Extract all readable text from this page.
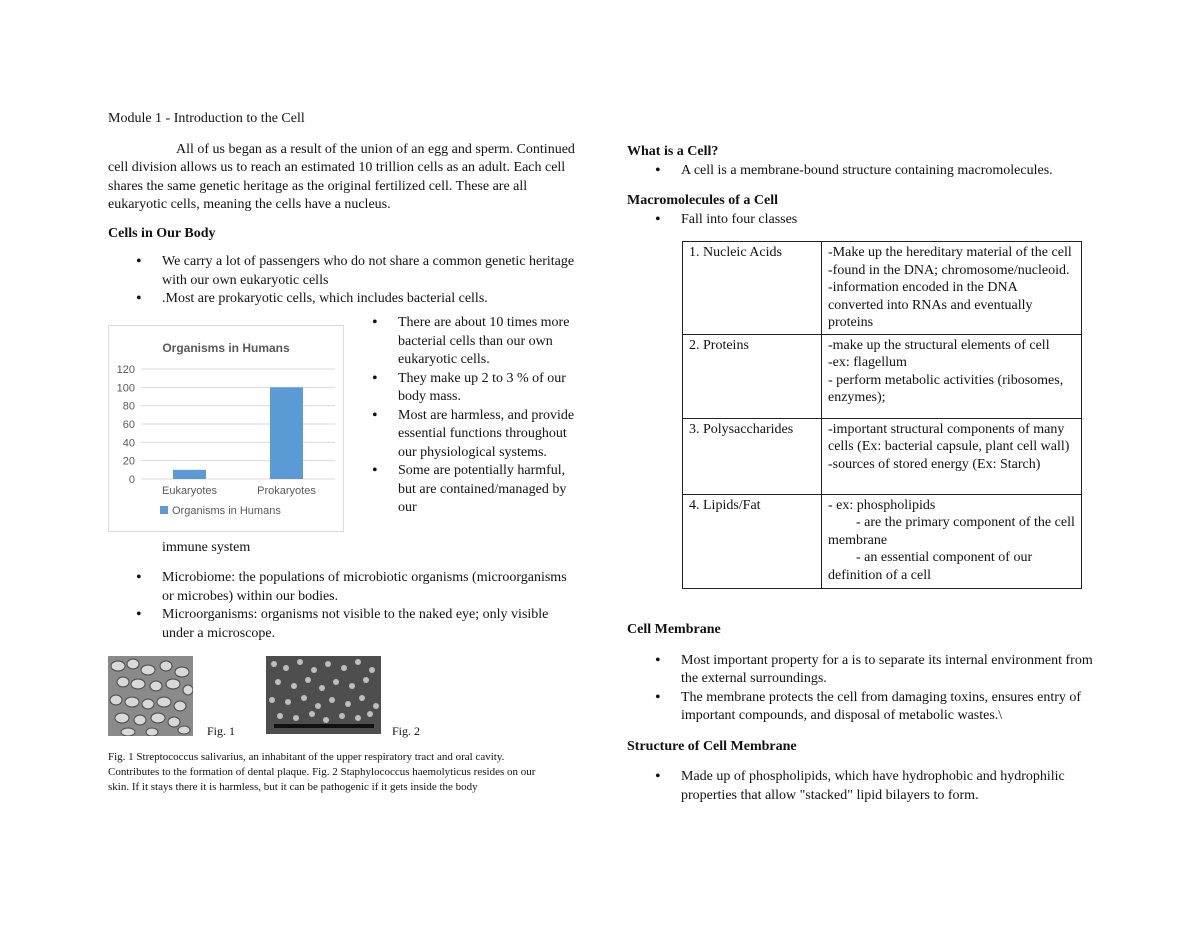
Module 1 - Introduction to the Cell

All of us began as a result of the union of an egg and sperm. Continued cell division allows us to reach an estimated 10 trillion cells as an adult. Each cell shares the same genetic heritage as the original fertilized cell. These are all eukaryotic cells, meaning the cells have a nucleus.

Cells in Our Body
• We carry a lot of passengers who do not share a common genetic heritage with our own eukaryotic cells
• .Most are prokaryotic cells, which includes bacterial cells.
Organisms in Humans
0
20
40
60
80
100
120
Eukaryotes	Prokaryotes
Organisms in Humans
• There are about 10 times more bacterial cells than our own eukaryotic cells.
• They make up 2 to 3 % of our body mass.
• Most are harmless, and provide essential functions throughout our physiological systems.
• Some are potentially harmful, but are contained/managed by our

immune system

• Microbiome: the populations of microbiotic organisms (microorganisms or microbes) within our bodies.
• Microorganisms: organisms not visible to the naked eye; only visible under a microscope.

Fig. 1	Fig. 2

Fig. 1 Streptococcus salivarius, an inhabitant of the upper respiratory tract and oral cavity. Contributes to the formation of dental plaque. Fig. 2 Staphylococcus haemolyticus resides on our skin. If it stays there it is harmless, but it can be pathogenic if it gets inside the body

What is a Cell?
• A cell is a membrane-bound structure containing macromolecules.
Macromolecules of a Cell
• Fall into four classes
1. Nucleic Acids	-Make up the hereditary material of the cell -found in the DNA; chromosome/nucleoid. -information encoded in the DNA converted into RNAs and eventually proteins

2. Proteins	-make up the structural elements of cell
-ex: flagellum
- perform metabolic activities (ribosomes, enzymes);

3. Polysaccharides	-important structural components of many cells (Ex: bacterial capsule, plant cell wall)
-sources of stored energy (Ex: Starch)

4. Lipids/Fat	- ex: phospholipids
- are the primary component of the cell membrane
- an essential component of our definition of a cell
Cell Membrane
• Most important property for a is to separate its internal environment from the external surroundings.
• The membrane protects the cell from damaging toxins, ensures entry of important compounds, and disposal of metabolic wastes.\
Structure of Cell Membrane
• Made up of phospholipids, which have hydrophobic and hydrophilic properties that allow "stacked" lipid bilayers to form.
